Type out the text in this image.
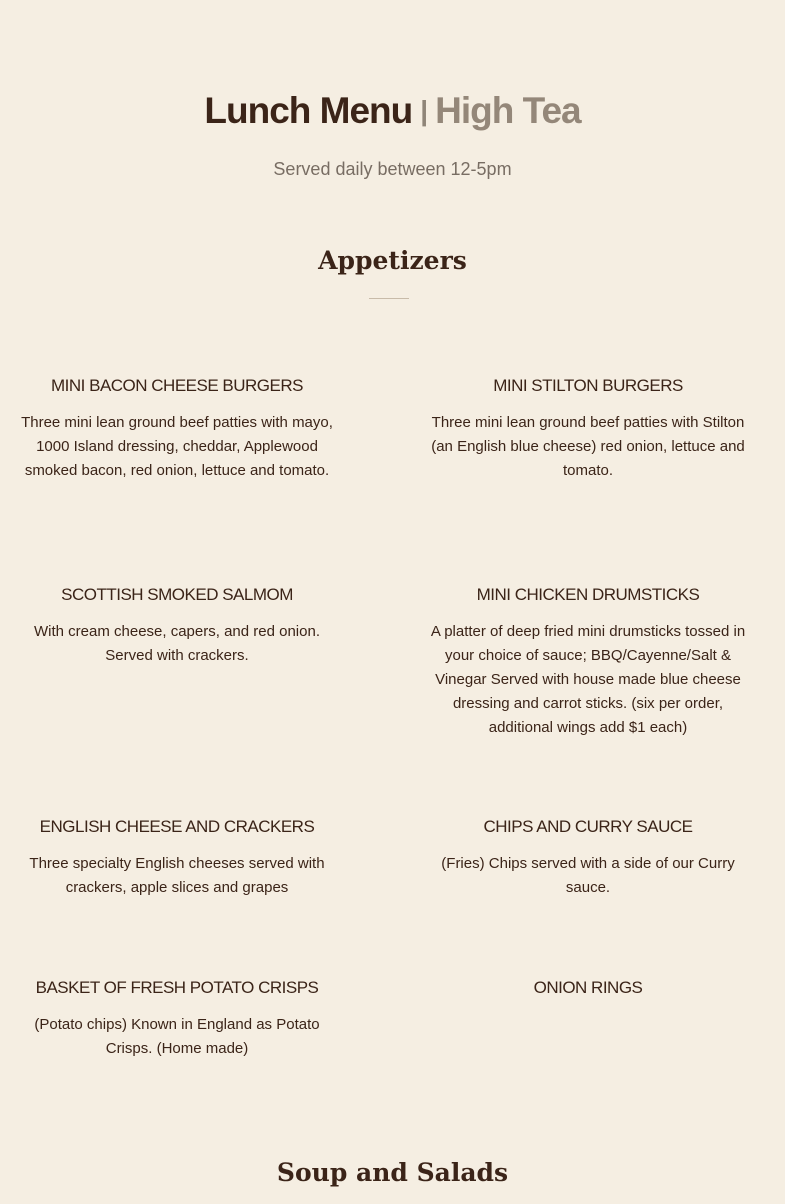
Lunch Menu | High Tea

Served daily between 12-5pm

Appetizers
MINI BACON CHEESE BURGERS
Three mini lean ground beef patties with mayo, 1000 Island dressing, cheddar, Applewood smoked bacon, red onion, lettuce and tomato.
MINI STILTON BURGERS
Three mini lean ground beef patties with Stilton (an English blue cheese) red onion, lettuce and tomato.
SCOTTISH SMOKED SALMOM
With cream cheese, capers, and red onion. Served with crackers.
MINI CHICKEN DRUMSTICKS
A platter of deep fried mini drumsticks tossed in your choice of sauce; BBQ/Cayenne/Salt & Vinegar Served with house made blue cheese dressing and carrot sticks. (six per order, additional wings add $1 each)
ENGLISH CHEESE AND CRACKERS
Three specialty English cheeses served with crackers, apple slices and grapes
CHIPS AND CURRY SAUCE
(Fries) Chips served with a side of our Curry sauce.
BASKET OF FRESH POTATO CRISPS
(Potato chips) Known in England as Potato Crisps. (Home made)
ONION RINGS
Soup and Salads
